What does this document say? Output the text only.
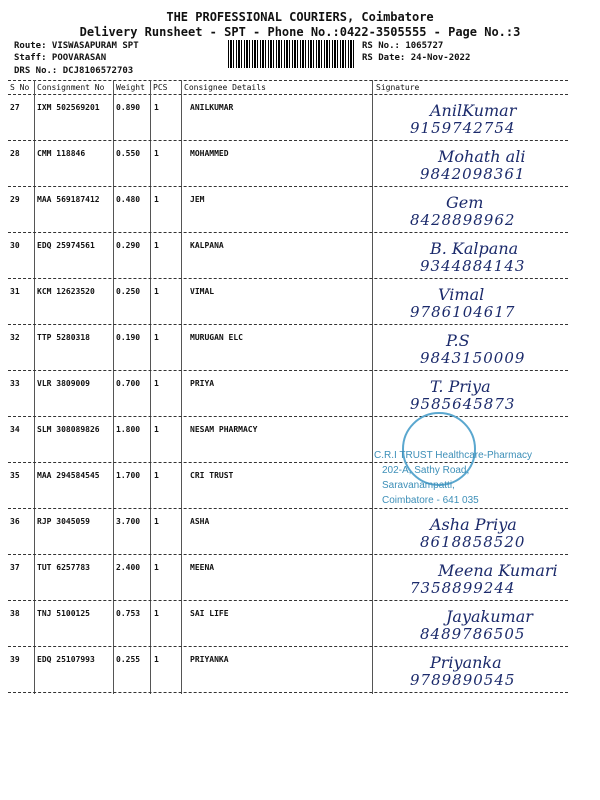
THE PROFESSIONAL COURIERS, Coimbatore
Delivery Runsheet - SPT - Phone No.:0422-3505555 - Page No.:3
Route: VISWASAPURAM SPT
Staff: POOVARASAN
DRS No.: DCJ8106572703
RS No.: 1065727
RS Date: 24-Nov-2022
S No Consignment No Weight PCS Consignee Details	Signature
27 IXM 502569201 0.890 1	ANILKUMAR	AnilKumar
9159742754
28 CMM 118846	0.550 1	MOHAMMED	Mohath ali
9842098361
29 MAA 569187412 0.480 1	JEM	Gem
8428898962
30 EDQ 25974561	0.290 1	KALPANA	B. Kalpana
9344884143
31 KCM 12623520	0.250 1	VIMAL	Vimal
9786104617
32 TTP 5280318	0.190 1	MURUGAN ELC	P.S
9843150009
33 VLR 3809009	0.700 1	PRIYA	T. Priya
9585645873
34 SLM 308089826 1.800 1	NESAM PHARMACY
35 MAA 294584545 1.700 1	CRI TRUST
36 RJP 3045059	3.700 1	ASHA	Asha Priya
8618858520
37 TUT 6257783	2.400 1	MEENA	Meena Kumari
7358899244
38 TNJ 5100125	0.753 1	SAI LIFE	Jayakumar
8489786505
39 EDQ 25107993	0.255 1	PRIYANKA	Priyanka
9789890545
C.R.I TRUST Healthcare-Pharmacy
202-A, Sathy Road,
Saravanampatti,
Coimbatore - 641 035
